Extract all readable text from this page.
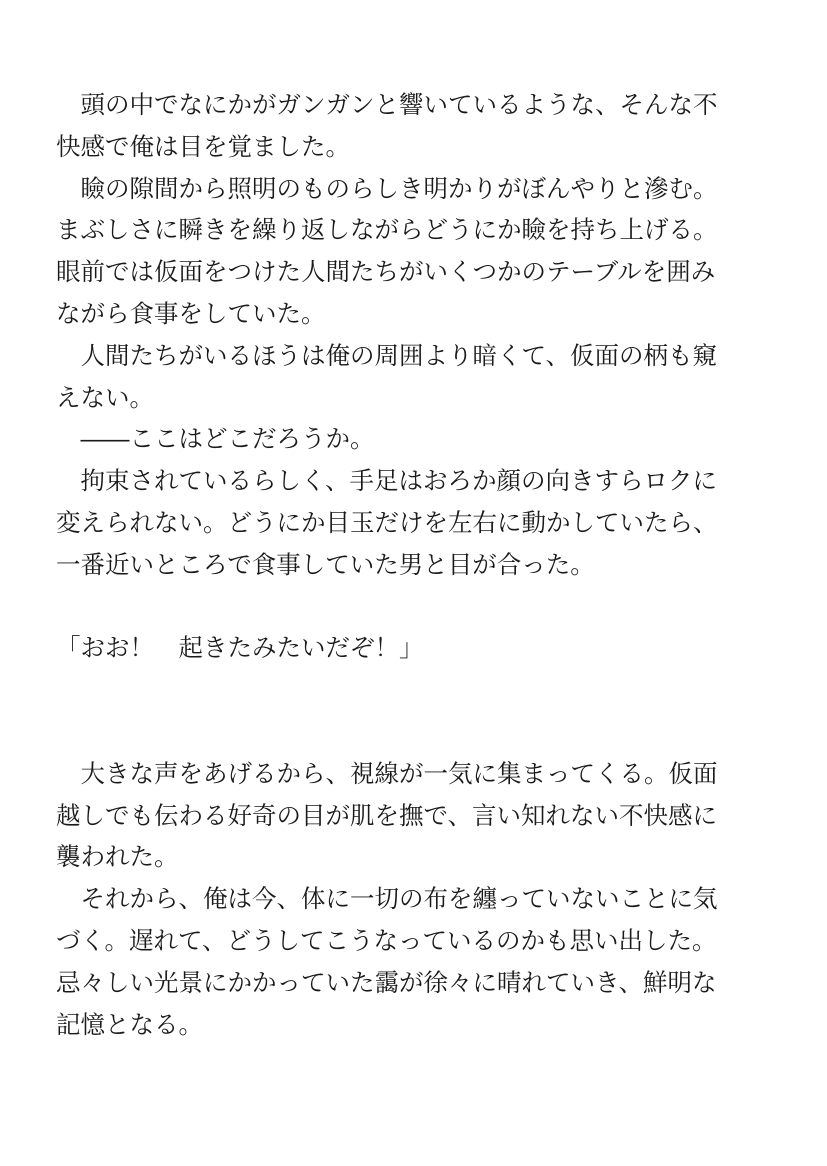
　頭の中でなにかがガンガンと響いているような、そんな不
快感で俺は目を覚ました。
　瞼の隙間から照明のものらしき明かりがぼんやりと滲む。
まぶしさに瞬きを繰り返しながらどうにか瞼を持ち上げる。
眼前では仮面をつけた人間たちがいくつかのテーブルを囲み
ながら食事をしていた。
　人間たちがいるほうは俺の周囲より暗くて、仮面の柄も窺
えない。
　――ここはどこだろうか。
　拘束されているらしく、手足はおろか顔の向きすらロクに
変えられない。どうにか目玉だけを左右に動かしていたら、
一番近いところで食事していた男と目が合った。
「おお！　起きたみたいだぞ！」
　大きな声をあげるから、視線が一気に集まってくる。仮面
越しでも伝わる好奇の目が肌を撫で、言い知れない不快感に
襲われた。
　それから、俺は今、体に一切の布を纏っていないことに気
づく。遅れて、どうしてこうなっているのかも思い出した。
忌々しい光景にかかっていた靄が徐々に晴れていき、鮮明な
記憶となる。
